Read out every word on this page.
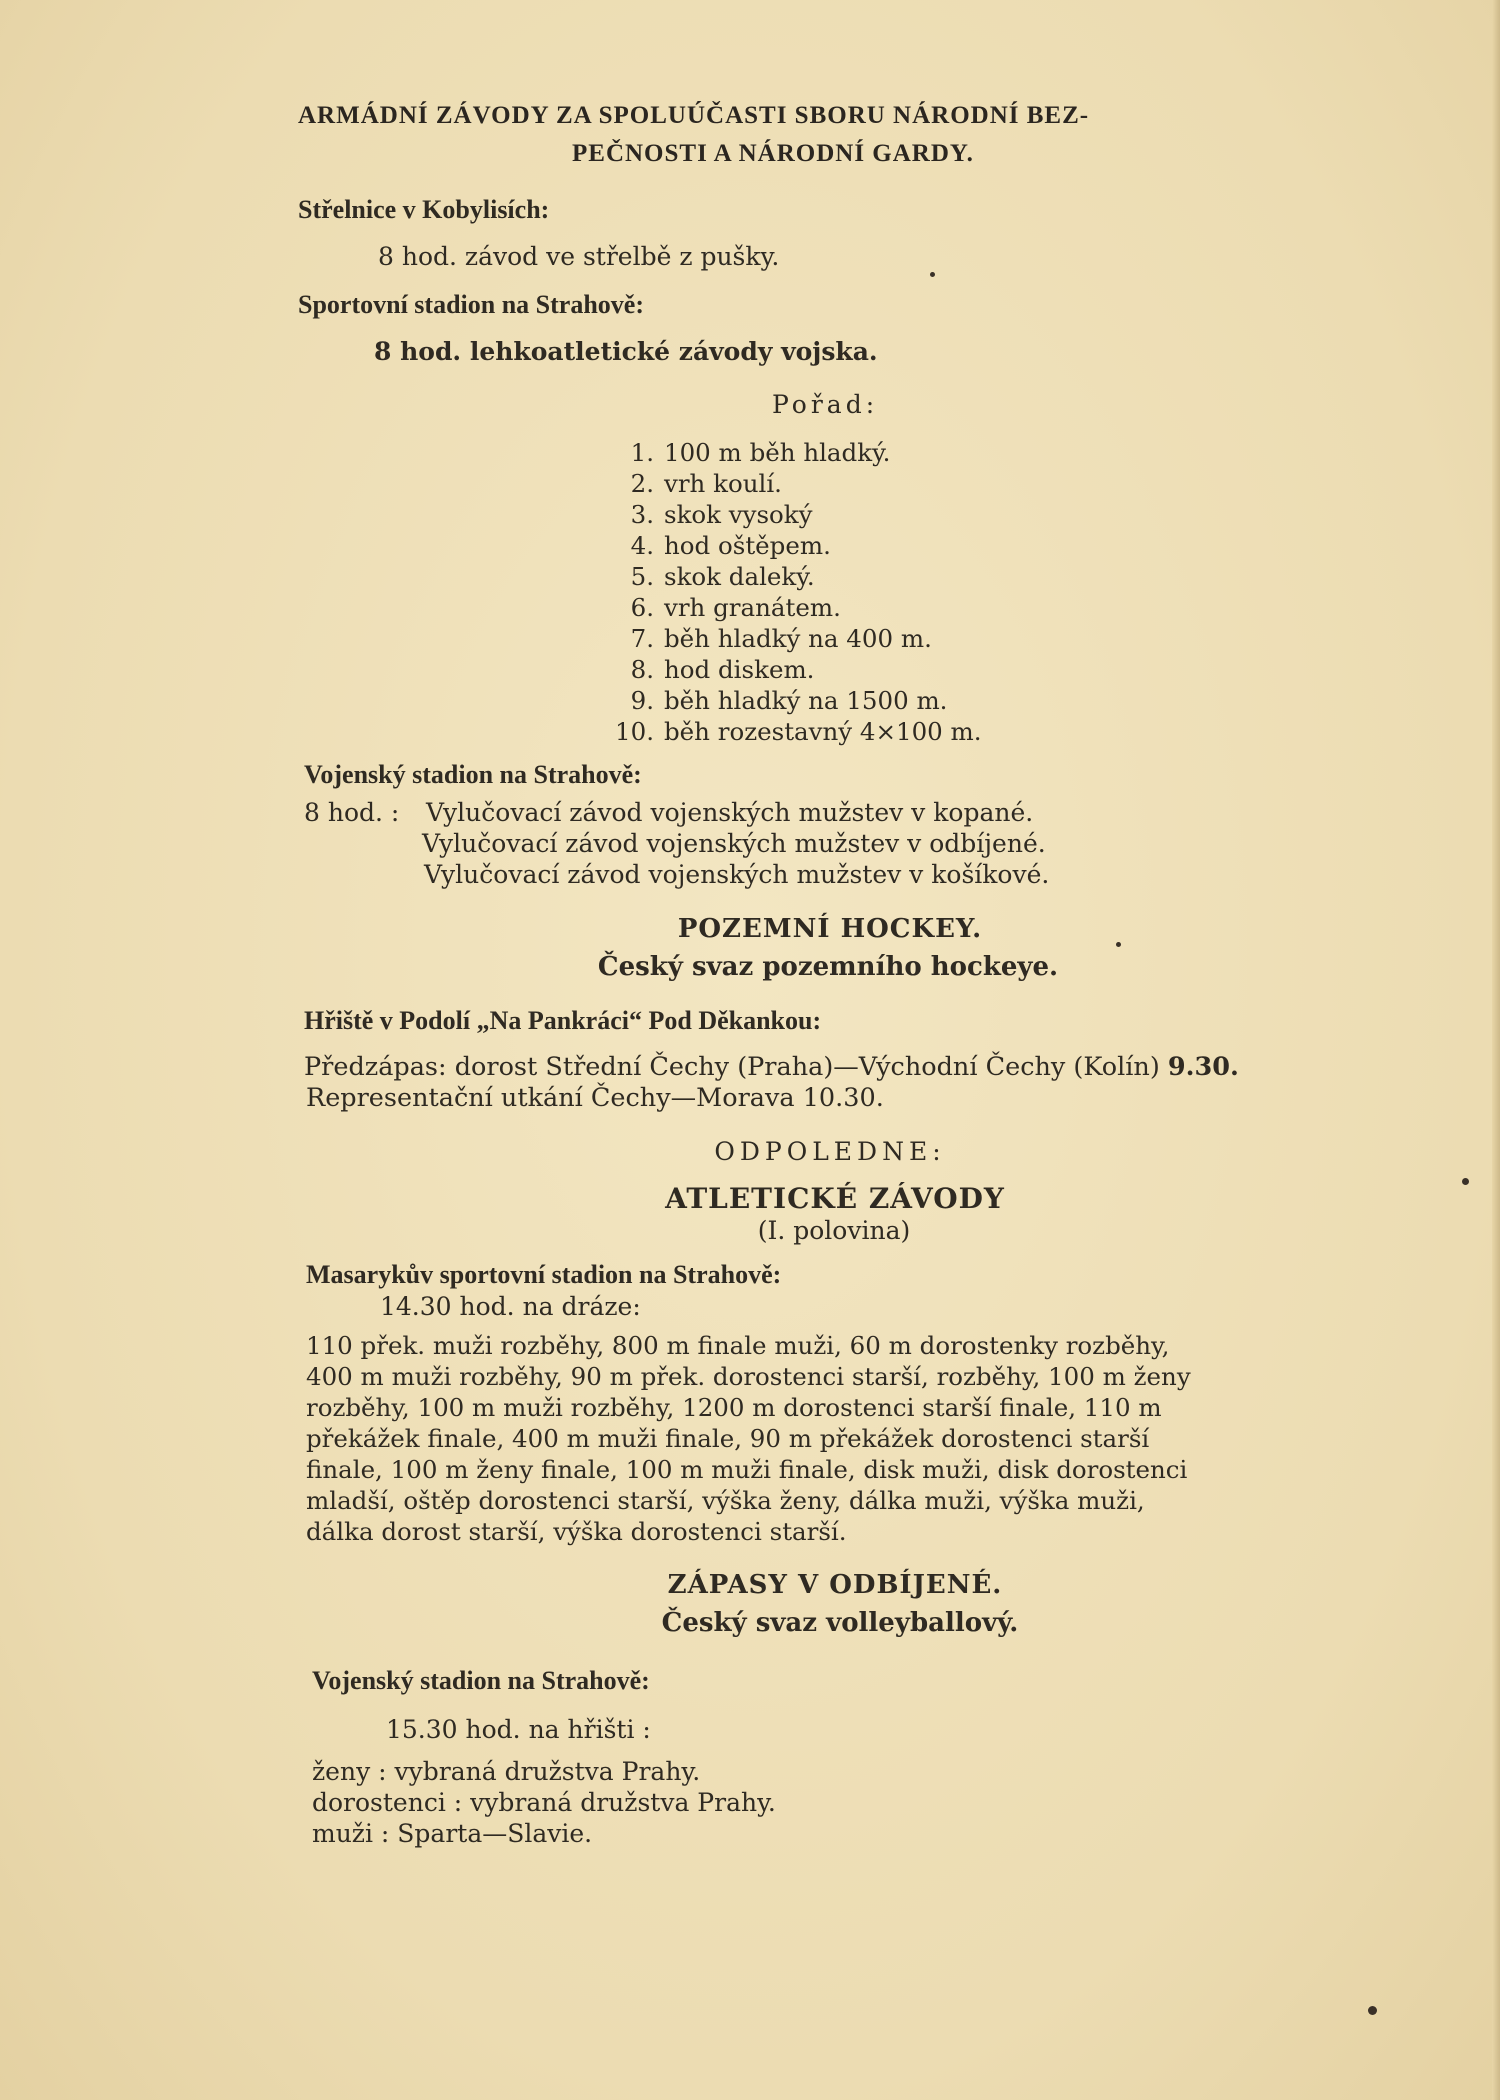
ARMÁDNÍ ZÁVODY ZA SPOLUÚČASTI SBORU NÁRODNÍ BEZ-
PEČNOSTI A NÁRODNÍ GARDY.
Střelnice v Kobylisích:
8 hod. závod ve střelbě z pušky.
Sportovní stadion na Strahově:
8 hod. lehkoatletické závody vojska.
Pořad:
1. 100 m běh hladký.
2. vrh koulí.
3. skok vysoký
4. hod oštěpem.
5. skok daleký.
6. vrh granátem.
7. běh hladký na 400 m.
8. hod diskem.
9. běh hladký na 1500 m.
10. běh rozestavný 4×100 m.
Vojenský stadion na Strahově:
8 hod. : Vylučovací závod vojenských mužstev v kopané.
Vylučovací závod vojenských mužstev v odbíjené.
Vylučovací závod vojenských mužstev v košíkové.
POZEMNÍ HOCKEY.
Český svaz pozemního hockeye.
Hřiště v Podolí „Na Pankráci“ Pod Děkankou:
Předzápas: dorost Střední Čechy (Praha)—Východní Čechy (Kolín) 9.30.
Representační utkání Čechy—Morava 10.30.
ODPOLEDNE:
ATLETICKÉ ZÁVODY
(I. polovina)
Masarykův sportovní stadion na Strahově:
14.30 hod. na dráze:
110 přek. muži rozběhy, 800 m finale muži, 60 m dorostenky rozběhy,
400 m muži rozběhy, 90 m přek. dorostenci starší, rozběhy, 100 m ženy
rozběhy, 100 m muži rozběhy, 1200 m dorostenci starší finale, 110 m
překážek finale, 400 m muži finale, 90 m překážek dorostenci starší
finale, 100 m ženy finale, 100 m muži finale, disk muži, disk dorostenci
mladší, oštěp dorostenci starší, výška ženy, dálka muži, výška muži,
dálka dorost starší, výška dorostenci starší.
ZÁPASY V ODBÍJENÉ.
Český svaz volleyballový.
Vojenský stadion na Strahově:
15.30 hod. na hřišti :
ženy : vybraná družstva Prahy.
dorostenci : vybraná družstva Prahy.
muži : Sparta—Slavie.
